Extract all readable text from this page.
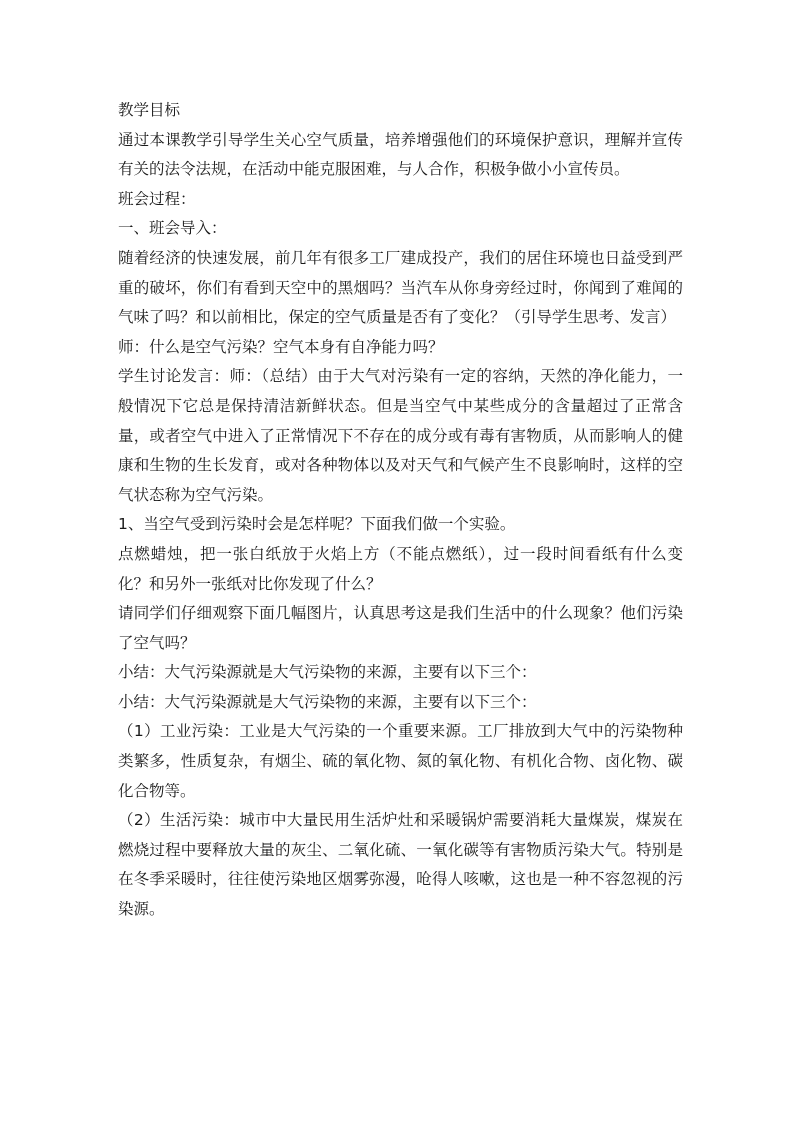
教学目标

通过本课教学引导学生关心空气质量，培养增强他们的环境保护意识，理解并宣传有关的法令法规，在活动中能克服困难，与人合作，积极争做小小宣传员。

班会过程：

一、班会导入：

随着经济的快速发展，前几年有很多工厂建成投产，我们的居住环境也日益受到严重的破坏，你们有看到天空中的黑烟吗？当汽车从你身旁经过时，你闻到了难闻的气味了吗？和以前相比，保定的空气质量是否有了变化？（引导学生思考、发言）

师：什么是空气污染？空气本身有自净能力吗？

学生讨论发言：师：（总结）由于大气对污染有一定的容纳，天然的净化能力，一般情况下它总是保持清洁新鲜状态。但是当空气中某些成分的含量超过了正常含量，或者空气中进入了正常情况下不存在的成分或有毒有害物质，从而影响人的健康和生物的生长发育，或对各种物体以及对天气和气候产生不良影响时，这样的空气状态称为空气污染。

1、当空气受到污染时会是怎样呢？下面我们做一个实验。

点燃蜡烛，把一张白纸放于火焰上方（不能点燃纸），过一段时间看纸有什么变化？和另外一张纸对比你发现了什么？

请同学们仔细观察下面几幅图片，认真思考这是我们生活中的什么现象？他们污染了空气吗？

小结：大气污染源就是大气污染物的来源，主要有以下三个：

小结：大气污染源就是大气污染物的来源，主要有以下三个：

（1）工业污染：工业是大气污染的一个重要来源。工厂排放到大气中的污染物种类繁多，性质复杂，有烟尘、硫的氧化物、氮的氧化物、有机化合物、卤化物、碳化合物等。

（2）生活污染：城市中大量民用生活炉灶和采暖锅炉需要消耗大量煤炭，煤炭在燃烧过程中要释放大量的灰尘、二氧化硫、一氧化碳等有害物质污染大气。特别是在冬季采暖时，往往使污染地区烟雾弥漫，呛得人咳嗽，这也是一种不容忽视的污染源。
